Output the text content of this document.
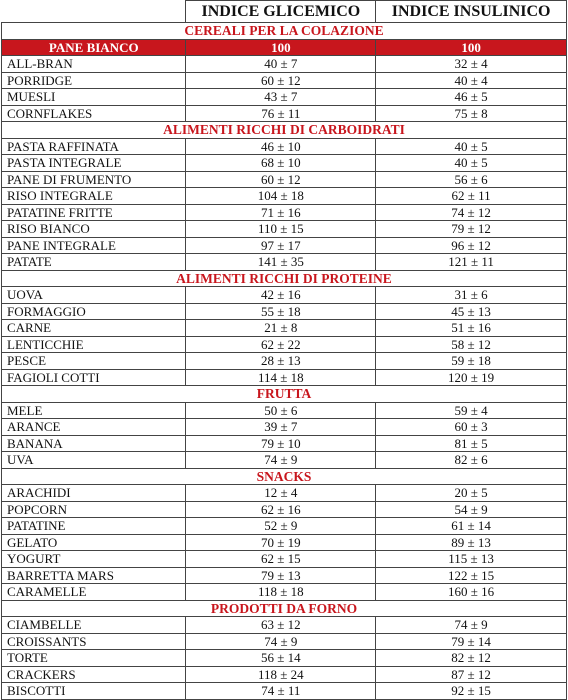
	INDICE GLICEMICO	INDICE INSULINICO
CEREALI PER LA COLAZIONE		
PANE BIANCO	100	100
ALL-BRAN	40 ± 7	32 ± 4
PORRIDGE	60 ± 12	40 ± 4
MUESLI	43 ± 7	46 ± 5
CORNFLAKES	76 ± 11	75 ± 8
ALIMENTI RICCHI DI CARBOIDRATI		
PASTA RAFFINATA	46 ± 10	40 ± 5
PASTA INTEGRALE	68 ± 10	40 ± 5
PANE DI FRUMENTO	60 ± 12	56 ± 6
RISO INTEGRALE	104 ± 18	62 ± 11
PATATINE FRITTE	71 ± 16	74 ± 12
RISO BIANCO	110 ± 15	79 ± 12
PANE INTEGRALE	97 ± 17	96 ± 12
PATATE	141 ± 35	121 ± 11
ALIMENTI RICCHI DI PROTEINE		
UOVA	42 ± 16	31 ± 6
FORMAGGIO	55 ± 18	45 ± 13
CARNE	21 ± 8	51 ± 16
LENTICCHIE	62 ± 22	58 ± 12
PESCE	28 ± 13	59 ± 18
FAGIOLI COTTI	114 ± 18	120 ± 19
FRUTTA		
MELE	50 ± 6	59 ± 4
ARANCE	39 ± 7	60 ± 3
BANANA	79 ± 10	81 ± 5
UVA	74 ± 9	82 ± 6
SNACKS		
ARACHIDI	12 ± 4	20 ± 5
POPCORN	62 ± 16	54 ± 9
PATATINE	52 ± 9	61 ± 14
GELATO	70 ± 19	89 ± 13
YOGURT	62 ± 15	115 ± 13
BARRETTA MARS	79 ± 13	122 ± 15
CARAMELLE	118 ± 18	160 ± 16
PRODOTTI DA FORNO		
CIAMBELLE	63 ± 12	74 ± 9
CROISSANTS	74 ± 9	79 ± 14
TORTE	56 ± 14	82 ± 12
CRACKERS	118 ± 24	87 ± 12
BISCOTTI	74 ± 11	92 ± 15
